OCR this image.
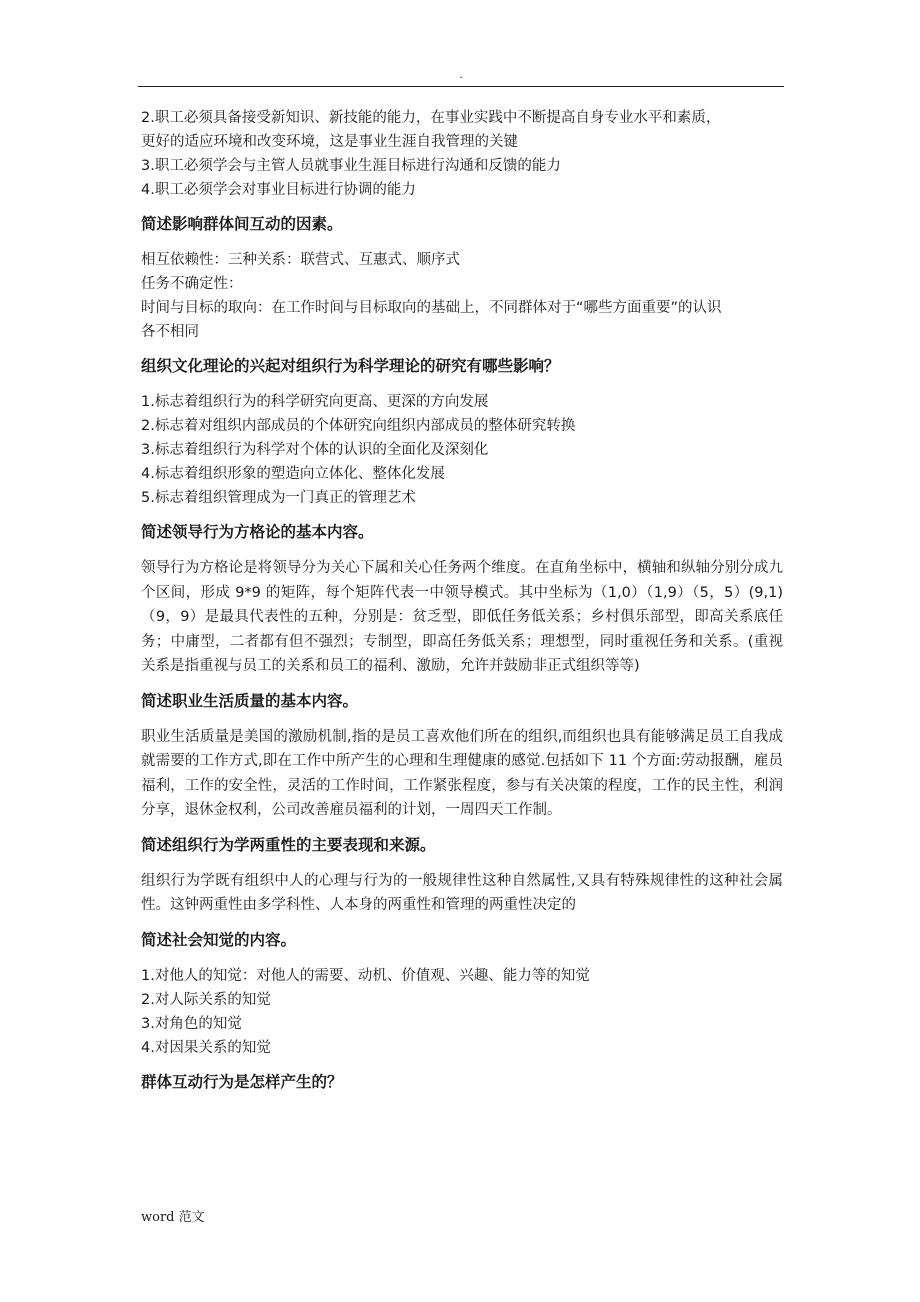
.
2.职工必须具备接受新知识、新技能的能力，在事业实践中不断提高自身专业水平和素质，
更好的适应环境和改变环境，这是事业生涯自我管理的关键
3.职工必须学会与主管人员就事业生涯目标进行沟通和反馈的能力
4.职工必须学会对事业目标进行协调的能力
简述影响群体间互动的因素。
相互依赖性：三种关系：联营式、互惠式、顺序式
任务不确定性：
时间与目标的取向：在工作时间与目标取向的基础上，不同群体对于“哪些方面重要”的认识
各不相同
组织文化理论的兴起对组织行为科学理论的研究有哪些影响？
1.标志着组织行为的科学研究向更高、更深的方向发展
2.标志着对组织内部成员的个体研究向组织内部成员的整体研究转换
3.标志着组织行为科学对个体的认识的全面化及深刻化
4.标志着组织形象的塑造向立体化、整体化发展
5.标志着组织管理成为一门真正的管理艺术
简述领导行为方格论的基本内容。
领导行为方格论是将领导分为关心下属和关心任务两个维度。在直角坐标中，横轴和纵轴分别分成九个区间，形成 9*9 的矩阵，每个矩阵代表一中领导模式。其中坐标为（1,0）（1,9）（5，5）(9,1)（9，9）是最具代表性的五种，分别是：贫乏型，即低任务低关系；乡村俱乐部型，即高关系底任务；中庸型，二者都有但不强烈；专制型，即高任务低关系；理想型，同时重视任务和关系。(重视关系是指重视与员工的关系和员工的福利、激励，允许并鼓励非正式组织等等)
简述职业生活质量的基本内容。
职业生活质量是美国的激励机制,指的是员工喜欢他们所在的组织,而组织也具有能够满足员工自我成就需要的工作方式,即在工作中所产生的心理和生理健康的感觉.包括如下 11 个方面:劳动报酬，雇员福利，工作的安全性，灵活的工作时间，工作紧张程度，参与有关决策的程度，工作的民主性，利润分享，退休金权利，公司改善雇员福利的计划，一周四天工作制。
简述组织行为学两重性的主要表现和来源。
组织行为学既有组织中人的心理与行为的一般规律性这种自然属性,又具有特殊规律性的这种社会属性。这钟两重性由多学科性、人本身的两重性和管理的两重性决定的
简述社会知觉的内容。
1.对他人的知觉：对他人的需要、动机、价值观、兴趣、能力等的知觉
2.对人际关系的知觉
3.对角色的知觉
4.对因果关系的知觉
群体互动行为是怎样产生的？
word 范文
